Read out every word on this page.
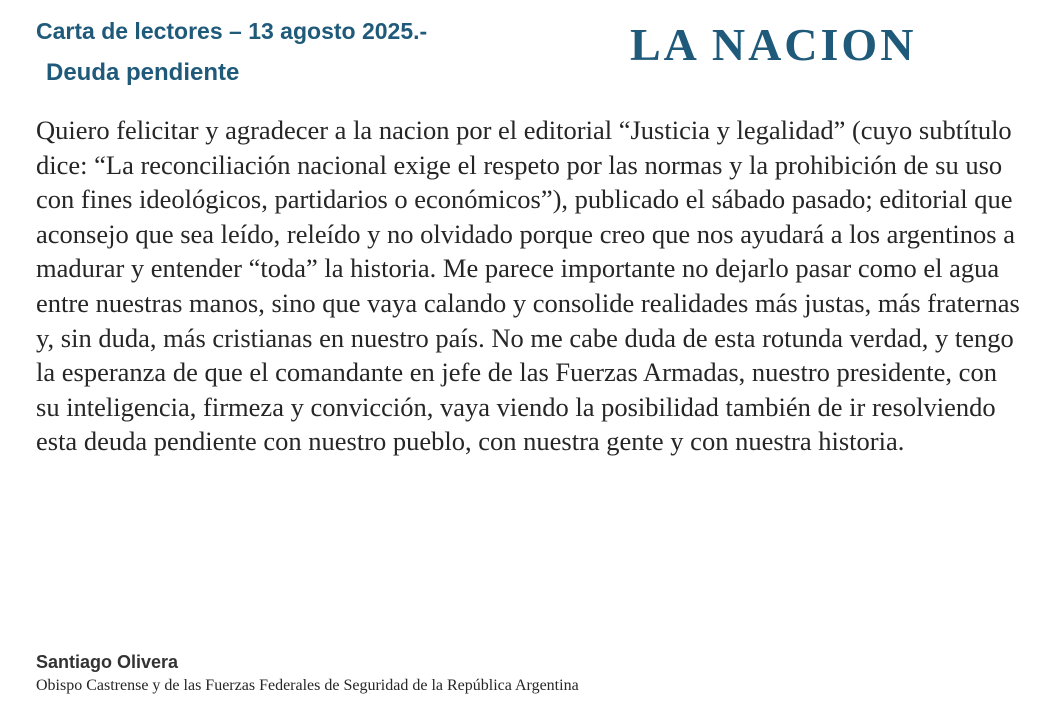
Carta de lectores – 13 agosto 2025.-
Deuda pendiente
LA NACION

Quiero felicitar y agradecer a la nacion por el editorial “Justicia y legalidad” (cuyo subtítulo dice: “La reconciliación nacional exige el respeto por las normas y la prohibición de su uso con fines ideológicos, partidarios o económicos”), publicado el sábado pasado; editorial que aconsejo que sea leído, releído y no olvidado porque creo que nos ayudará a los argentinos a madurar y entender “toda” la historia. Me parece importante no dejarlo pasar como el agua entre nuestras manos, sino que vaya calando y consolide realidades más justas, más fraternas y, sin duda, más cristianas en nuestro país. No me cabe duda de esta rotunda verdad, y tengo la esperanza de que el comandante en jefe de las Fuerzas Armadas, nuestro presidente, con su inteligencia, firmeza y convicción, vaya viendo la posibilidad también de ir resolviendo esta deuda pendiente con nuestro pueblo, con nuestra gente y con nuestra historia.

Santiago Olivera
Obispo Castrense y de las Fuerzas Federales de Seguridad de la República Argentina
